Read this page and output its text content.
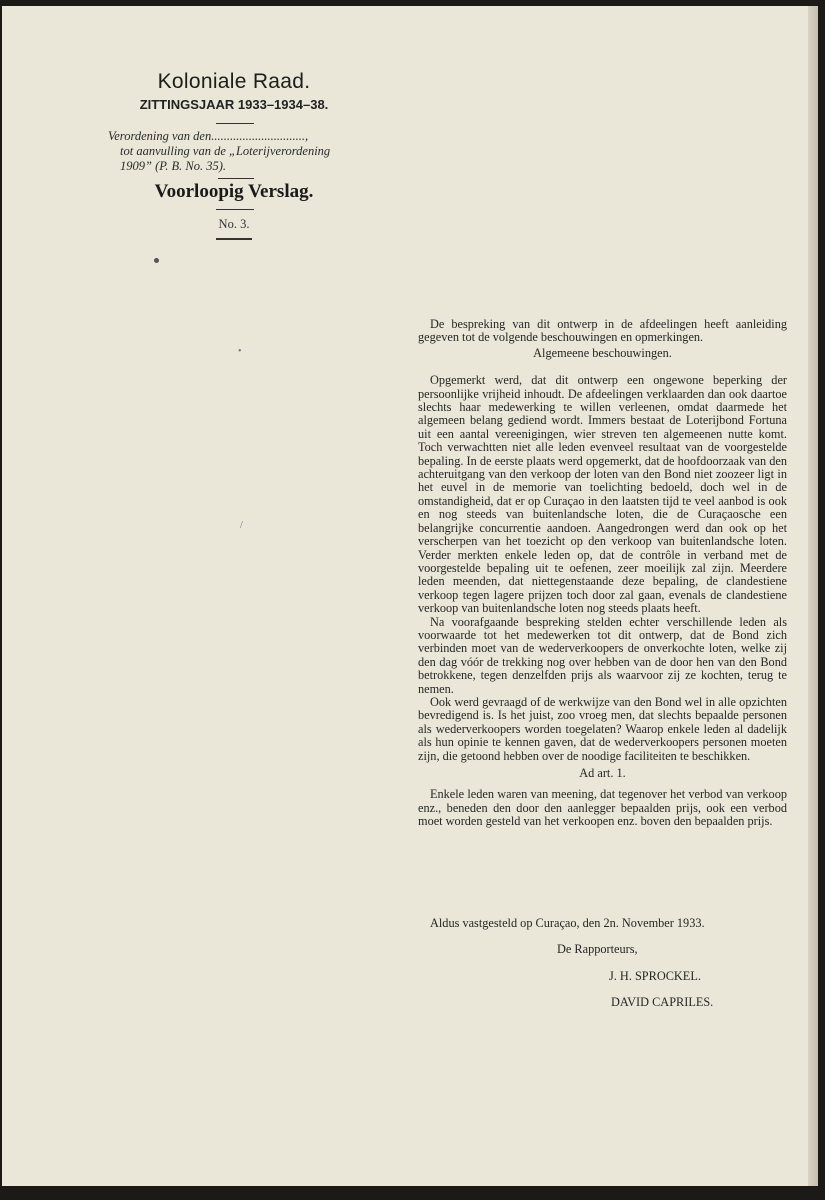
Koloniale Raad.
ZITTINGSJAAR 1933–1934–38.
Verordening van den..............................,
tot aanvulling van de „Loterijverordening
1909” (P. B. No. 35).
Voorloopig Verslag.
No. 3.
•
/

De bespreking van dit ontwerp in de afdeelingen heeft aanleiding gegeven tot de volgende beschouwingen en opmerkingen.

Algemeene beschouwingen.

Opgemerkt werd, dat dit ontwerp een ongewone beperking der persoonlijke vrijheid inhoudt. De afdeelingen verklaarden dan ook daartoe slechts haar medewerking te willen verleenen, omdat daarmede het algemeen belang gediend wordt. Immers bestaat de Loterijbond Fortuna uit een aantal vereenigingen, wier streven ten algemeenen nutte komt. Toch verwachtten niet alle leden evenveel resultaat van de voorgestelde bepaling. In de eerste plaats werd opgemerkt, dat de hoofdoorzaak van den achteruitgang van den verkoop der loten van den Bond niet zoozeer ligt in het euvel in de memorie van toelichting bedoeld, doch wel in de omstandigheid, dat er op Curaçao in den laatsten tijd te veel aanbod is ook en nog steeds van buitenlandsche loten, die de Curaçaosche een belangrijke concurrentie aandoen. Aangedrongen werd dan ook op het verscherpen van het toezicht op den verkoop van buitenlandsche loten. Verder merkten enkele leden op, dat de contrôle in verband met de voorgestelde bepaling uit te oefenen, zeer moeilijk zal zijn. Meerdere leden meenden, dat niettegenstaande deze bepaling, de clandestiene verkoop tegen lagere prijzen toch door zal gaan, evenals de clandestiene verkoop van buitenlandsche loten nog steeds plaats heeft.

Na voorafgaande bespreking stelden echter verschillende leden als voorwaarde tot het medewerken tot dit ontwerp, dat de Bond zich verbinden moet van de wederverkoopers de onverkochte loten, welke zij den dag vóór de trekking nog over hebben van de door hen van den Bond betrokkene, tegen denzelfden prijs als waarvoor zij ze kochten, terug te nemen.

Ook werd gevraagd of de werkwijze van den Bond wel in alle opzichten bevredigend is. Is het juist, zoo vroeg men, dat slechts bepaalde personen als wederverkoopers worden toegelaten? Waarop enkele leden al dadelijk als hun opinie te kennen gaven, dat de wederverkoopers personen moeten zijn, die getoond hebben over de noodige faciliteiten te beschikken.

Ad art. 1.

Enkele leden waren van meening, dat tegenover het verbod van verkoop enz., beneden den door den aanlegger bepaalden prijs, ook een verbod moet worden gesteld van het verkoopen enz. boven den bepaalden prijs.

Aldus vastgesteld op Curaçao, den 2n. November 1933.
De Rapporteurs,
J. H. SPROCKEL.
DAVID CAPRILES.
